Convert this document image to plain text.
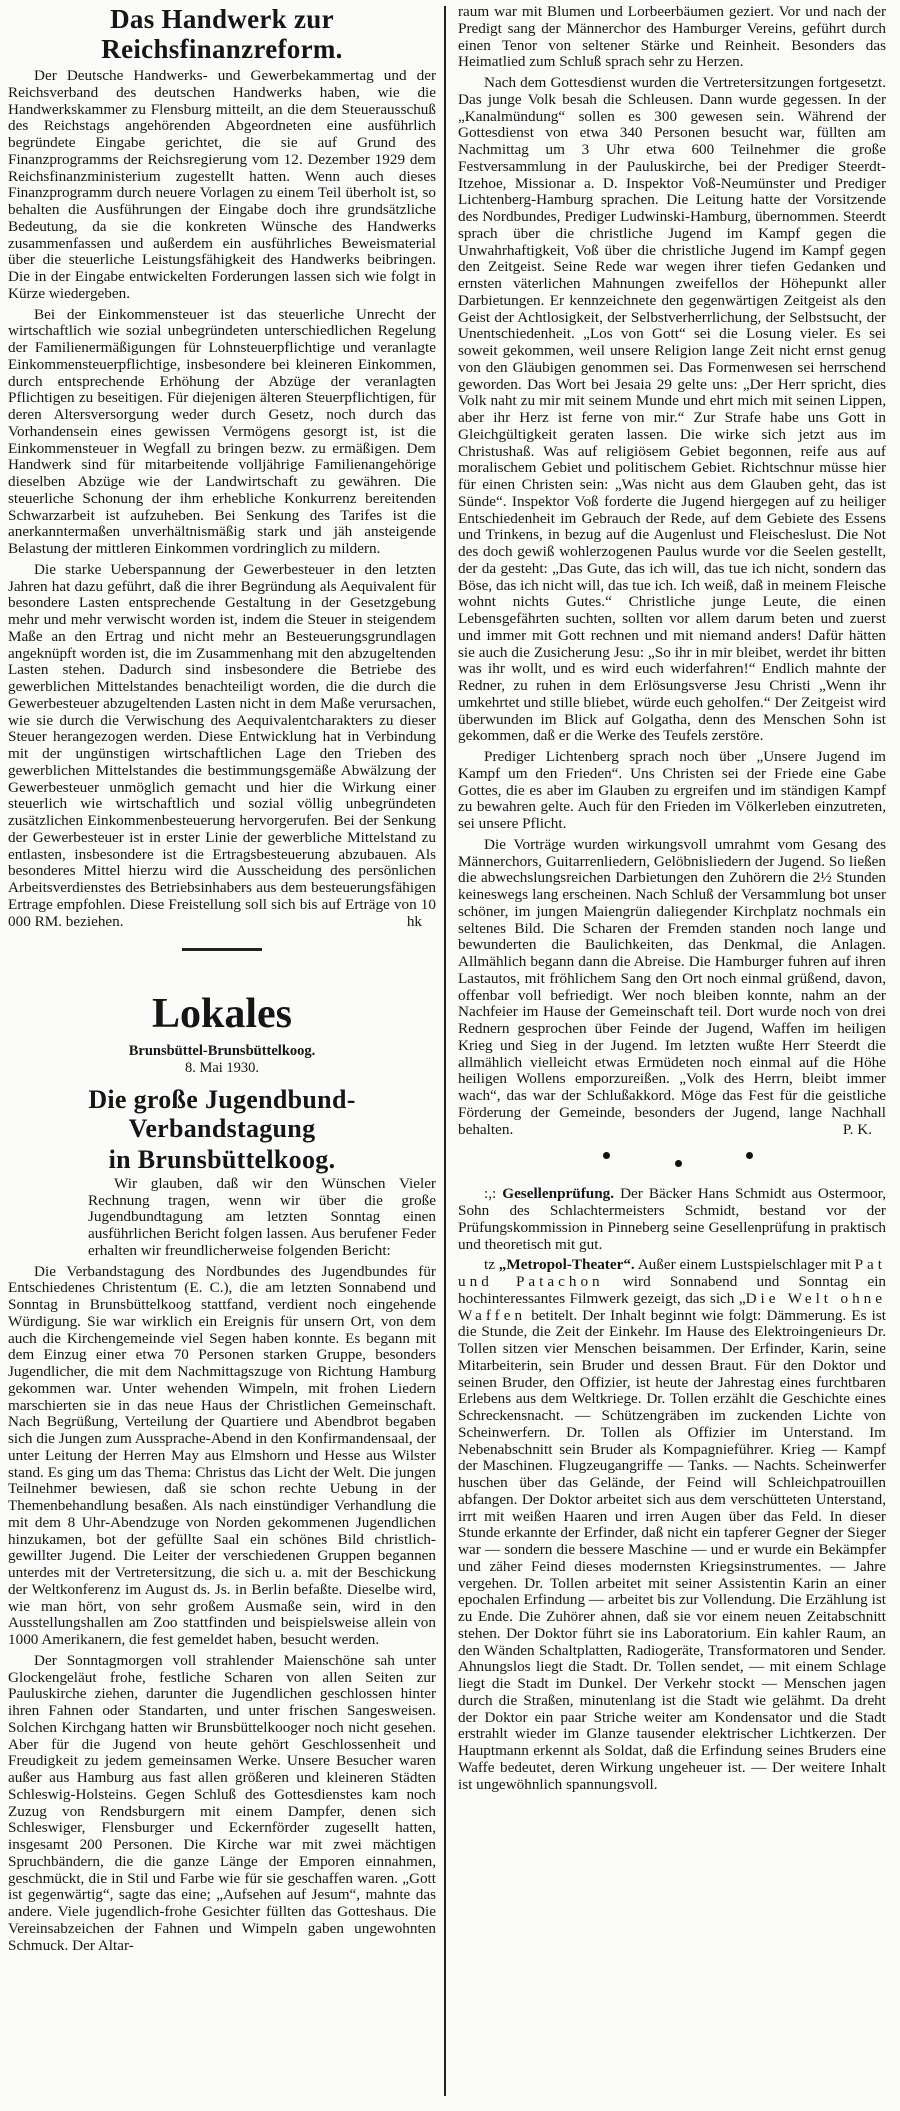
Das Handwerk zur Reichsfinanzreform.

Der Deutsche Handwerks- und Gewerbekammertag und der Reichsverband des deutschen Handwerks haben, wie die Handwerkskammer zu Flensburg mitteilt, an die dem Steuerausschuß des Reichstags angehörenden Abgeordneten eine ausführlich begründete Eingabe gerichtet, die sie auf Grund des Finanzprogramms der Reichsregierung vom 12. Dezember 1929 dem Reichsfinanzministerium zugestellt hatten. Wenn auch dieses Finanzprogramm durch neuere Vorlagen zu einem Teil überholt ist, so behalten die Ausführungen der Eingabe doch ihre grundsätzliche Bedeutung, da sie die konkreten Wünsche des Handwerks zusammenfassen und außerdem ein ausführliches Beweismaterial über die steuerliche Leistungsfähigkeit des Handwerks beibringen. Die in der Eingabe entwickelten Forderungen lassen sich wie folgt in Kürze wiedergeben.

Bei der Einkommensteuer ist das steuerliche Unrecht der wirtschaftlich wie sozial unbegründeten unterschiedlichen Regelung der Familienermäßigungen für Lohnsteuerpflichtige und veranlagte Einkommensteuerpflichtige, insbesondere bei kleineren Einkommen, durch entsprechende Erhöhung der Abzüge der veranlagten Pflichtigen zu beseitigen. Für diejenigen älteren Steuerpflichtigen, für deren Altersversorgung weder durch Gesetz, noch durch das Vorhandensein eines gewissen Vermögens gesorgt ist, ist die Einkommensteuer in Wegfall zu bringen bezw. zu ermäßigen. Dem Handwerk sind für mitarbeitende volljährige Familienangehörige dieselben Abzüge wie der Landwirtschaft zu gewähren. Die steuerliche Schonung der ihm erhebliche Konkurrenz bereitenden Schwarzarbeit ist aufzuheben. Bei Senkung des Tarifes ist die anerkanntermaßen unverhältnismäßig stark und jäh ansteigende Belastung der mittleren Einkommen vordringlich zu mildern.

Die starke Ueberspannung der Gewerbesteuer in den letzten Jahren hat dazu geführt, daß die ihrer Begründung als Aequivalent für besondere Lasten entsprechende Gestaltung in der Gesetzgebung mehr und mehr verwischt worden ist, indem die Steuer in steigendem Maße an den Ertrag und nicht mehr an Besteuerungsgrundlagen angeknüpft worden ist, die im Zusammenhang mit den abzugeltenden Lasten stehen. Dadurch sind insbesondere die Betriebe des gewerblichen Mittelstandes benachteiligt worden, die die durch die Gewerbesteuer abzugeltenden Lasten nicht in dem Maße verursachen, wie sie durch die Verwischung des Aequivalentcharakters zu dieser Steuer herangezogen werden. Diese Entwicklung hat in Verbindung mit der ungünstigen wirtschaftlichen Lage den Trieben des gewerblichen Mittelstandes die bestimmungsgemäße Abwälzung der Gewerbesteuer unmöglich gemacht und hier die Wirkung einer steuerlich wie wirtschaftlich und sozial völlig unbegründeten zusätzlichen Einkommenbesteuerung hervorgerufen. Bei der Senkung der Gewerbesteuer ist in erster Linie der gewerbliche Mittelstand zu entlasten, insbesondere ist die Ertragsbesteuerung abzubauen. Als besonderes Mittel hierzu wird die Ausscheidung des persönlichen Arbeitsverdienstes des Betriebsinhabers aus dem besteuerungsfähigen Ertrage empfohlen. Diese Freistellung soll sich bis auf Erträge von 10 000 RM. beziehen.	hk

Lokales
Brunsbüttel-Brunsbüttelkoog.
8. Mai 1930.
Die große Jugendbund-Verbandstagung
in Brunsbüttelkoog.
Wir glauben, daß wir den Wünschen Vieler Rechnung tragen, wenn wir über die große Jugendbundtagung am letzten Sonntag einen ausführlichen Bericht folgen lassen. Aus berufener Feder erhalten wir freundlicherweise folgenden Bericht:

Die Verbandstagung des Nordbundes des Jugendbundes für Entschiedenes Christentum (E. C.), die am letzten Sonnabend und Sonntag in Brunsbüttelkoog stattfand, verdient noch eingehende Würdigung. Sie war wirklich ein Ereignis für unsern Ort, von dem auch die Kirchengemeinde viel Segen haben konnte. Es begann mit dem Einzug einer etwa 70 Personen starken Gruppe, besonders Jugendlicher, die mit dem Nachmittagszuge von Richtung Hamburg gekommen war. Unter wehenden Wimpeln, mit frohen Liedern marschierten sie in das neue Haus der Christlichen Gemeinschaft. Nach Begrüßung, Verteilung der Quartiere und Abendbrot begaben sich die Jungen zum Aussprache-Abend in den Konfirmandensaal, der unter Leitung der Herren May aus Elmshorn und Hesse aus Wilster stand. Es ging um das Thema: Christus das Licht der Welt. Die jungen Teilnehmer bewiesen, daß sie schon rechte Uebung in der Themenbehandlung besaßen. Als nach einstündiger Verhandlung die mit dem 8 Uhr-Abendzuge von Norden gekommenen Jugendlichen hinzukamen, bot der gefüllte Saal ein schönes Bild christlich-gewillter Jugend. Die Leiter der verschiedenen Gruppen begannen unterdes mit der Vertretersitzung, die sich u. a. mit der Beschickung der Weltkonferenz im August ds. Js. in Berlin befaßte. Dieselbe wird, wie man hört, von sehr großem Ausmaße sein, wird in den Ausstellungshallen am Zoo stattfinden und beispielsweise allein von 1000 Amerikanern, die fest gemeldet haben, besucht werden.

Der Sonntagmorgen voll strahlender Maienschöne sah unter Glockengeläut frohe, festliche Scharen von allen Seiten zur Pauluskirche ziehen, darunter die Jugendlichen geschlossen hinter ihren Fahnen oder Standarten, und unter frischen Sangesweisen. Solchen Kirchgang hatten wir Brunsbüttelkooger noch nicht gesehen. Aber für die Jugend von heute gehört Geschlossenheit und Freudigkeit zu jedem gemeinsamen Werke. Unsere Besucher waren außer aus Hamburg aus fast allen größeren und kleineren Städten Schleswig-Holsteins. Gegen Schluß des Gottesdienstes kam noch Zuzug von Rendsburgern mit einem Dampfer, denen sich Schleswiger, Flensburger und Eckernförder zugesellt hatten, insgesamt 200 Personen. Die Kirche war mit zwei mächtigen Spruchbändern, die die ganze Länge der Emporen einnahmen, geschmückt, die in Stil und Farbe wie für sie geschaffen waren. „Gott ist gegenwärtig“, sagte das eine; „Aufsehen auf Jesum“, mahnte das andere. Viele jugendlich-frohe Gesichter füllten das Gotteshaus. Die Vereinsabzeichen der Fahnen und Wimpeln gaben ungewohnten Schmuck. Der Altar-

raum war mit Blumen und Lorbeerbäumen geziert. Vor und nach der Predigt sang der Männerchor des Hamburger Vereins, geführt durch einen Tenor von seltener Stärke und Reinheit. Besonders das Heimatlied zum Schluß sprach sehr zu Herzen.

Nach dem Gottesdienst wurden die Vertretersitzungen fortgesetzt. Das junge Volk besah die Schleusen. Dann wurde gegessen. In der „Kanalmündung“ sollen es 300 gewesen sein. Während der Gottesdienst von etwa 340 Personen besucht war, füllten am Nachmittag um 3 Uhr etwa 600 Teilnehmer die große Festversammlung in der Pauluskirche, bei der Prediger Steerdt-Itzehoe, Missionar a. D. Inspektor Voß-Neumünster und Prediger Lichtenberg-Hamburg sprachen. Die Leitung hatte der Vorsitzende des Nordbundes, Prediger Ludwinski-Hamburg, übernommen. Steerdt sprach über die christliche Jugend im Kampf gegen die Unwahrhaftigkeit, Voß über die christliche Jugend im Kampf gegen den Zeitgeist. Seine Rede war wegen ihrer tiefen Gedanken und ernsten väterlichen Mahnungen zweifellos der Höhepunkt aller Darbietungen. Er kennzeichnete den gegenwärtigen Zeitgeist als den Geist der Achtlosigkeit, der Selbstverherrlichung, der Selbstsucht, der Unentschiedenheit. „Los von Gott“ sei die Losung vieler. Es sei soweit gekommen, weil unsere Religion lange Zeit nicht ernst genug von den Gläubigen genommen sei. Das Formenwesen sei herrschend geworden. Das Wort bei Jesaia 29 gelte uns: „Der Herr spricht, dies Volk naht zu mir mit seinem Munde und ehrt mich mit seinen Lippen, aber ihr Herz ist ferne von mir.“ Zur Strafe habe uns Gott in Gleichgültigkeit geraten lassen. Die wirke sich jetzt aus im Christushaß. Was auf religiösem Gebiet begonnen, reife aus auf moralischem Gebiet und politischem Gebiet. Richtschnur müsse hier für einen Christen sein: „Was nicht aus dem Glauben geht, das ist Sünde“. Inspektor Voß forderte die Jugend hiergegen auf zu heiliger Entschiedenheit im Gebrauch der Rede, auf dem Gebiete des Essens und Trinkens, in bezug auf die Augenlust und Fleischeslust. Die Not des doch gewiß wohlerzogenen Paulus wurde vor die Seelen gestellt, der da gesteht: „Das Gute, das ich will, das tue ich nicht, sondern das Böse, das ich nicht will, das tue ich. Ich weiß, daß in meinem Fleische wohnt nichts Gutes.“ Christliche junge Leute, die einen Lebensgefährten suchten, sollten vor allem darum beten und zuerst und immer mit Gott rechnen und mit niemand anders! Dafür hätten sie auch die Zusicherung Jesu: „So ihr in mir bleibet, werdet ihr bitten was ihr wollt, und es wird euch widerfahren!“ Endlich mahnte der Redner, zu ruhen in dem Erlösungsverse Jesu Christi „Wenn ihr umkehrtet und stille bliebet, würde euch geholfen.“ Der Zeitgeist wird überwunden im Blick auf Golgatha, denn des Menschen Sohn ist gekommen, daß er die Werke des Teufels zerstöre.

Prediger Lichtenberg sprach noch über „Unsere Jugend im Kampf um den Frieden“. Uns Christen sei der Friede eine Gabe Gottes, die es aber im Glauben zu ergreifen und im ständigen Kampf zu bewahren gelte. Auch für den Frieden im Völkerleben einzutreten, sei unsere Pflicht.

Die Vorträge wurden wirkungsvoll umrahmt vom Gesang des Männerchors, Guitarrenliedern, Gelöbnisliedern der Jugend. So ließen die abwechslungsreichen Darbietungen den Zuhörern die 2½ Stunden keineswegs lang erscheinen. Nach Schluß der Versammlung bot unser schöner, im jungen Maiengrün daliegender Kirchplatz nochmals ein seltenes Bild. Die Scharen der Fremden standen noch lange und bewunderten die Baulichkeiten, das Denkmal, die Anlagen. Allmählich begann dann die Abreise. Die Hamburger fuhren auf ihren Lastautos, mit fröhlichem Sang den Ort noch einmal grüßend, davon, offenbar voll befriedigt. Wer noch bleiben konnte, nahm an der Nachfeier im Hause der Gemeinschaft teil. Dort wurde noch von drei Rednern gesprochen über Feinde der Jugend, Waffen im heiligen Krieg und Sieg in der Jugend. Im letzten wußte Herr Steerdt die allmählich vielleicht etwas Ermüdeten noch einmal auf die Höhe heiligen Wollens emporzureißen. „Volk des Herrn, bleibt immer wach“, das war der Schlußakkord. Möge das Fest für die geistliche Förderung der Gemeinde, besonders der Jugend, lange Nachhall behalten.	P. K.

:,: Gesellenprüfung. Der Bäcker Hans Schmidt aus Ostermoor, Sohn des Schlachtermeisters Schmidt, bestand vor der Prüfungskommission in Pinneberg seine Gesellenprüfung in praktisch und theoretisch mit gut.

tz „Metropol-Theater“. Außer einem Lustspielschlager mit Pat und Patachon wird Sonnabend und Sonntag ein hochinteressantes Filmwerk gezeigt, das sich „Die Welt ohne Waffen betitelt. Der Inhalt beginnt wie folgt: Dämmerung. Es ist die Stunde, die Zeit der Einkehr. Im Hause des Elektroingenieurs Dr. Tollen sitzen vier Menschen beisammen. Der Erfinder, Karin, seine Mitarbeiterin, sein Bruder und dessen Braut. Für den Doktor und seinen Bruder, den Offizier, ist heute der Jahrestag eines furchtbaren Erlebens aus dem Weltkriege. Dr. Tollen erzählt die Geschichte eines Schreckensnacht. — Schützengräben im zuckenden Lichte von Scheinwerfern. Dr. Tollen als Offizier im Unterstand. Im Nebenabschnitt sein Bruder als Kompagnieführer. Krieg — Kampf der Maschinen. Flugzeugangriffe — Tanks. — Nachts. Scheinwerfer huschen über das Gelände, der Feind will Schleichpatrouillen abfangen. Der Doktor arbeitet sich aus dem verschütteten Unterstand, irrt mit weißen Haaren und irren Augen über das Feld. In dieser Stunde erkannte der Erfinder, daß nicht ein tapferer Gegner der Sieger war — sondern die bessere Maschine — und er wurde ein Bekämpfer und zäher Feind dieses modernsten Kriegsinstrumentes. — Jahre vergehen. Dr. Tollen arbeitet mit seiner Assistentin Karin an einer epochalen Erfindung — arbeitet bis zur Vollendung. Die Erzählung ist zu Ende. Die Zuhörer ahnen, daß sie vor einem neuen Zeitabschnitt stehen. Der Doktor führt sie ins Laboratorium. Ein kahler Raum, an den Wänden Schaltplatten, Radiogeräte, Transformatoren und Sender. Ahnungslos liegt die Stadt. Dr. Tollen sendet, — mit einem Schlage liegt die Stadt im Dunkel. Der Verkehr stockt — Menschen jagen durch die Straßen, minutenlang ist die Stadt wie gelähmt. Da dreht der Doktor ein paar Striche weiter am Kondensator und die Stadt erstrahlt wieder im Glanze tausender elektrischer Lichtkerzen. Der Hauptmann erkennt als Soldat, daß die Erfindung seines Bruders eine Waffe bedeutet, deren Wirkung ungeheuer ist. — Der weitere Inhalt ist ungewöhnlich spannungsvoll.
